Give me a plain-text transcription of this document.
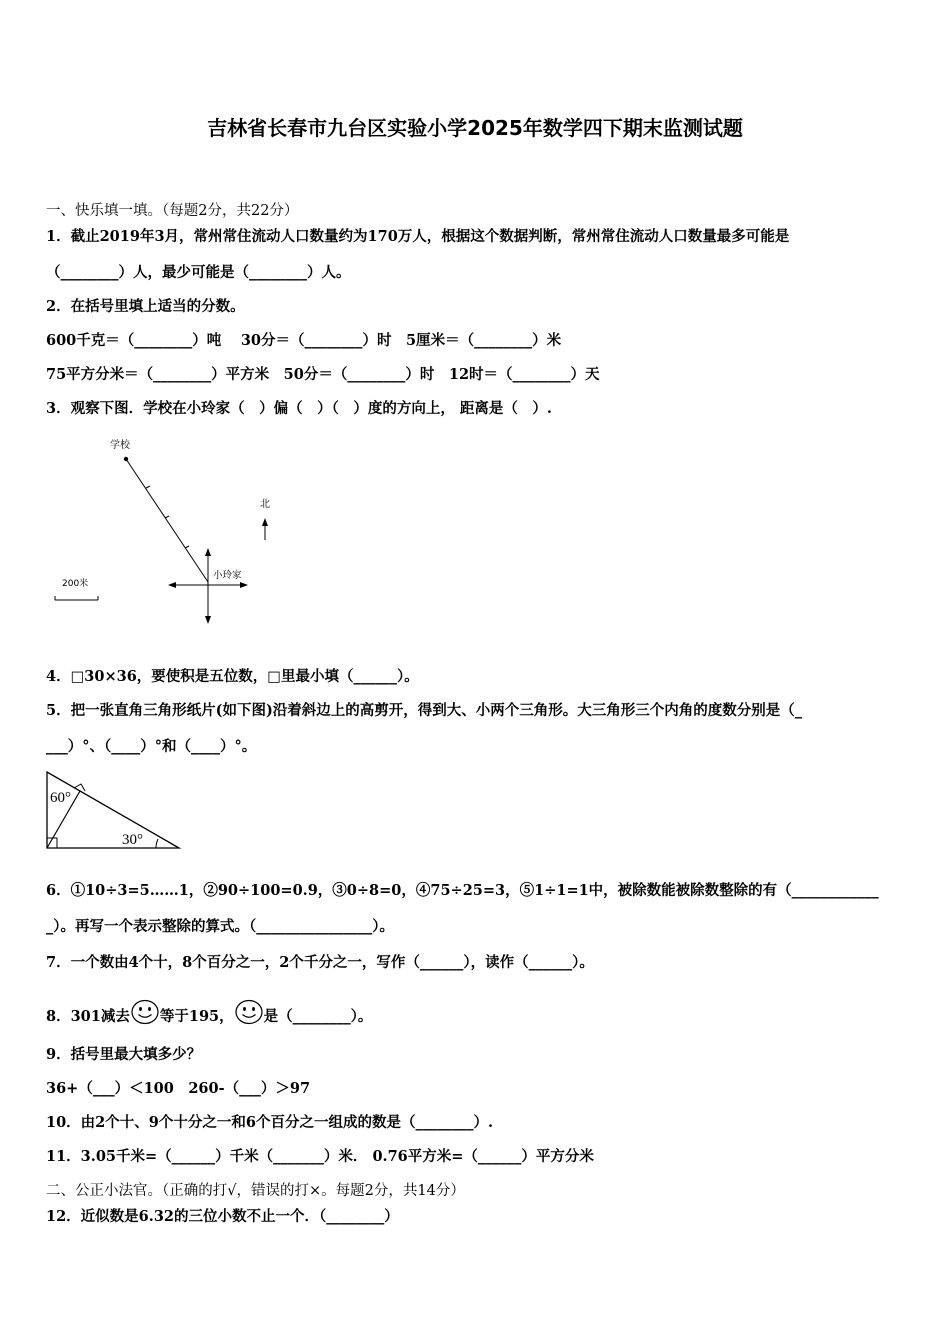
吉林省长春市九台区实验小学2025年数学四下期末监测试题
一、快乐填一填。（每题2分，共22分）
1．截止2019年3月，常州常住流动人口数量约为170万人，根据这个数据判断，常州常住流动人口数量最多可能是
（________）人，最少可能是（________）人。
2．在括号里填上适当的分数。
600千克＝（________）吨　 30分＝（________）时　5厘米＝（________）米
75平方分米＝（________）平方米　50分＝（________）时　12时＝（________）天
3．观察下图．学校在小玲家（　）偏（　）（　）度的方向上， 距离是（　）.
学校
小玲家
北
200米
4．□30×36，要使积是五位数，□里最小填（______）。
5．把一张直角三角形纸片(如下图)沿着斜边上的高剪开，得到大、小两个三角形。大三角形三个内角的度数分别是（_
___）°、（____）°和（____）°。
60°
30°
6．①10÷3=5……1，②90÷100=0.9，③0÷8=0，④75÷25=3，⑤1÷1=1中，被除数能被除数整除的有（____________
_）。再写一个表示整除的算式。（________________）。
7．一个数由4个十，8个百分之一，2个千分之一，写作（______），读作（______）。
8．301减去 等于195， 是（________）。
9．括号里最大填多少？
36+（___）＜100　260-（___）＞97
10．由2个十、9个十分之一和6个百分之一组成的数是（________）.
11．3.05千米=（______）千米（_______）米． 0.76平方米=（______）平方分米
二、公正小法官。（正确的打√，错误的打×。每题2分，共14分）
12．近似数是6.32的三位小数不止一个．（________）
